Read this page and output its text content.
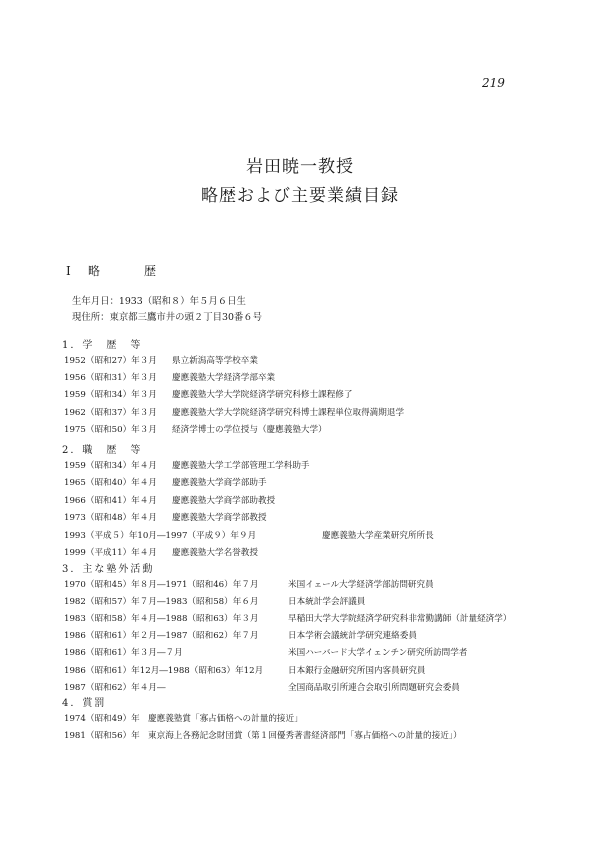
219
岩田暁一教授
略歴および主要業績目録
Ⅰ 略　歴
生年月日：1933（昭和８）年５月６日生
現住所：東京都三鷹市井の頭２丁目30番６号
1．学　歴　等
1952（昭和27）年３月 県立新潟高等学校卒業
1956（昭和31）年３月 慶應義塾大学経済学部卒業
1959（昭和34）年３月 慶應義塾大学大学院経済学研究科修士課程修了
1962（昭和37）年３月 慶應義塾大学大学院経済学研究科博士課程単位取得満期退学
1975（昭和50）年３月 経済学博士の学位授与（慶應義塾大学）
2．職　歴　等
1959（昭和34）年４月 慶應義塾大学工学部管理工学科助手
1965（昭和40）年４月 慶應義塾大学商学部助手
1966（昭和41）年４月 慶應義塾大学商学部助教授
1973（昭和48）年４月 慶應義塾大学商学部教授
1993（平成５）年10月―1997（平成９）年９月	慶應義塾大学産業研究所所長
1999（平成11）年４月 慶應義塾大学名誉教授
3．主な塾外活動
1970（昭和45）年８月―1971（昭和46）年７月	米国イェール大学経済学部訪問研究員
1982（昭和57）年７月―1983（昭和58）年６月	日本統計学会評議員
1983（昭和58）年４月―1988（昭和63）年３月	早稲田大学大学院経済学研究科非常勤講師（計量経済学）
1986（昭和61）年２月―1987（昭和62）年７月	日本学術会議統計学研究連絡委員
1986（昭和61）年３月―７月	米国ハーバード大学イェンチン研究所訪問学者
1986（昭和61）年12月―1988（昭和63）年12月	日本銀行金融研究所国内客員研究員
1987（昭和62）年４月―	全国商品取引所連合会取引所問題研究会委員
4．賞罰
1974（昭和49）年 慶應義塾賞「寡占価格への計量的接近」
1981（昭和56）年 東京海上各務記念財団賞（第１回優秀著書経済部門「寡占価格への計量的接近」）
